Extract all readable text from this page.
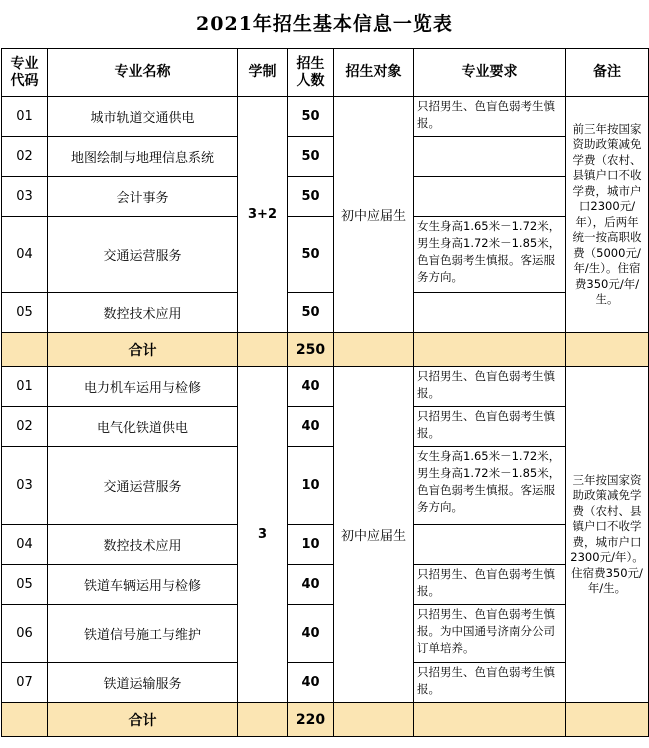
2021年招生基本信息一览表
专业代码	专业名称	学制	招生人数	招生对象	专业要求	备注
01	城市轨道交通供电	3+2	50	初中应届生	只招男生、色盲色弱考生慎报。	前三年按国家资助政策减免学费（农村、县镇户口不收学费，城市户口2300元/年），后两年统一按高职收费（5000元/年/生）。住宿费350元/年/生。
02	地图绘制与地理信息系统		50			
03	会计事务		50			
04	交通运营服务		50		女生身高1.65米－1.72米，男生身高1.72米－1.85米，色盲色弱考生慎报。客运服务方向。	
05	数控技术应用		50			
	合计		250			
01	电力机车运用与检修	3	40	初中应届生	只招男生、色盲色弱考生慎报。	三年按国家资助政策减免学费（农村、县镇户口不收学费，城市户口2300元/年）。住宿费350元/年/生。
02	电气化铁道供电		40		只招男生、色盲色弱考生慎报。	
03	交通运营服务		10		女生身高1.65米－1.72米，男生身高1.72米－1.85米，色盲色弱考生慎报。客运服务方向。	
04	数控技术应用		10			
05	铁道车辆运用与检修		40		只招男生、色盲色弱考生慎报。	
06	铁道信号施工与维护		40		只招男生、色盲色弱考生慎报。为中国通号济南分公司订单培养。	
07	铁道运输服务		40		只招男生、色盲色弱考生慎报。	
	合计		220			
